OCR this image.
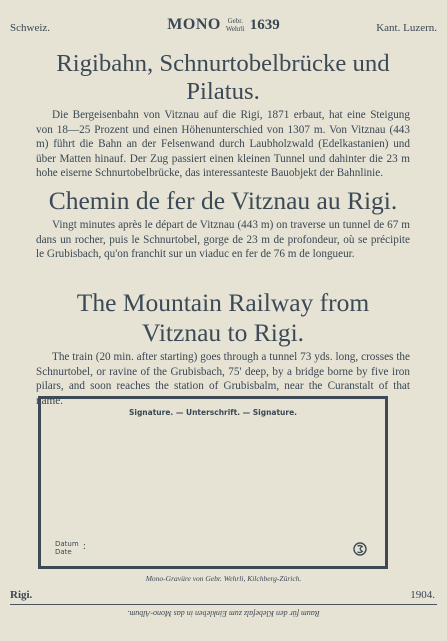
Schweiz.	MONO Gebr.
Wehrli 1639	Kant. Luzern.
Rigibahn, Schnurtobelbrücke und Pilatus.

Die Bergeisenbahn von Vitznau auf die Rigi, 1871 erbaut, hat eine Steigung von 18—25 Prozent und einen Höhenunterschied von 1307 m. Von Vitznau (443 m) führt die Bahn an der Felsenwand durch Laubholzwald (Edelkastanien) und über Matten hinauf. Der Zug passiert einen kleinen Tunnel und dahinter die 23 m hohe eiserne Schnurtobelbrücke, das interessanteste Bauobjekt der Bahnlinie.

Chemin de fer de Vitznau au Rigi.

Vingt minutes après le départ de Vitznau (443 m) on traverse un tunnel de 67 m dans un rocher, puis le Schnurtobel, gorge de 23 m de profondeur, où se précipite le Grubisbach, qu'on franchit sur un viaduc en fer de 76 m de longueur.

The Mountain Railway from Vitznau to Rigi.

The train (20 min. after starting) goes through a tunnel 73 yds. long, crosses the Schnurtobel, or ravine of the Grubisbach, 75' deep, by a bridge borne by five iron pilars, and soon reaches the station of Grubisbalm, near the Curanstalt of that name.

Signature. — Unterschrift. — Signature.
Datum
Date	:
Mono-Gravüre von Gebr. Wehrli, Kilchberg-Zürich.
Rigi.	1904.
Raum für den Klebefalz zum Einkleben in das Mono-Album.
